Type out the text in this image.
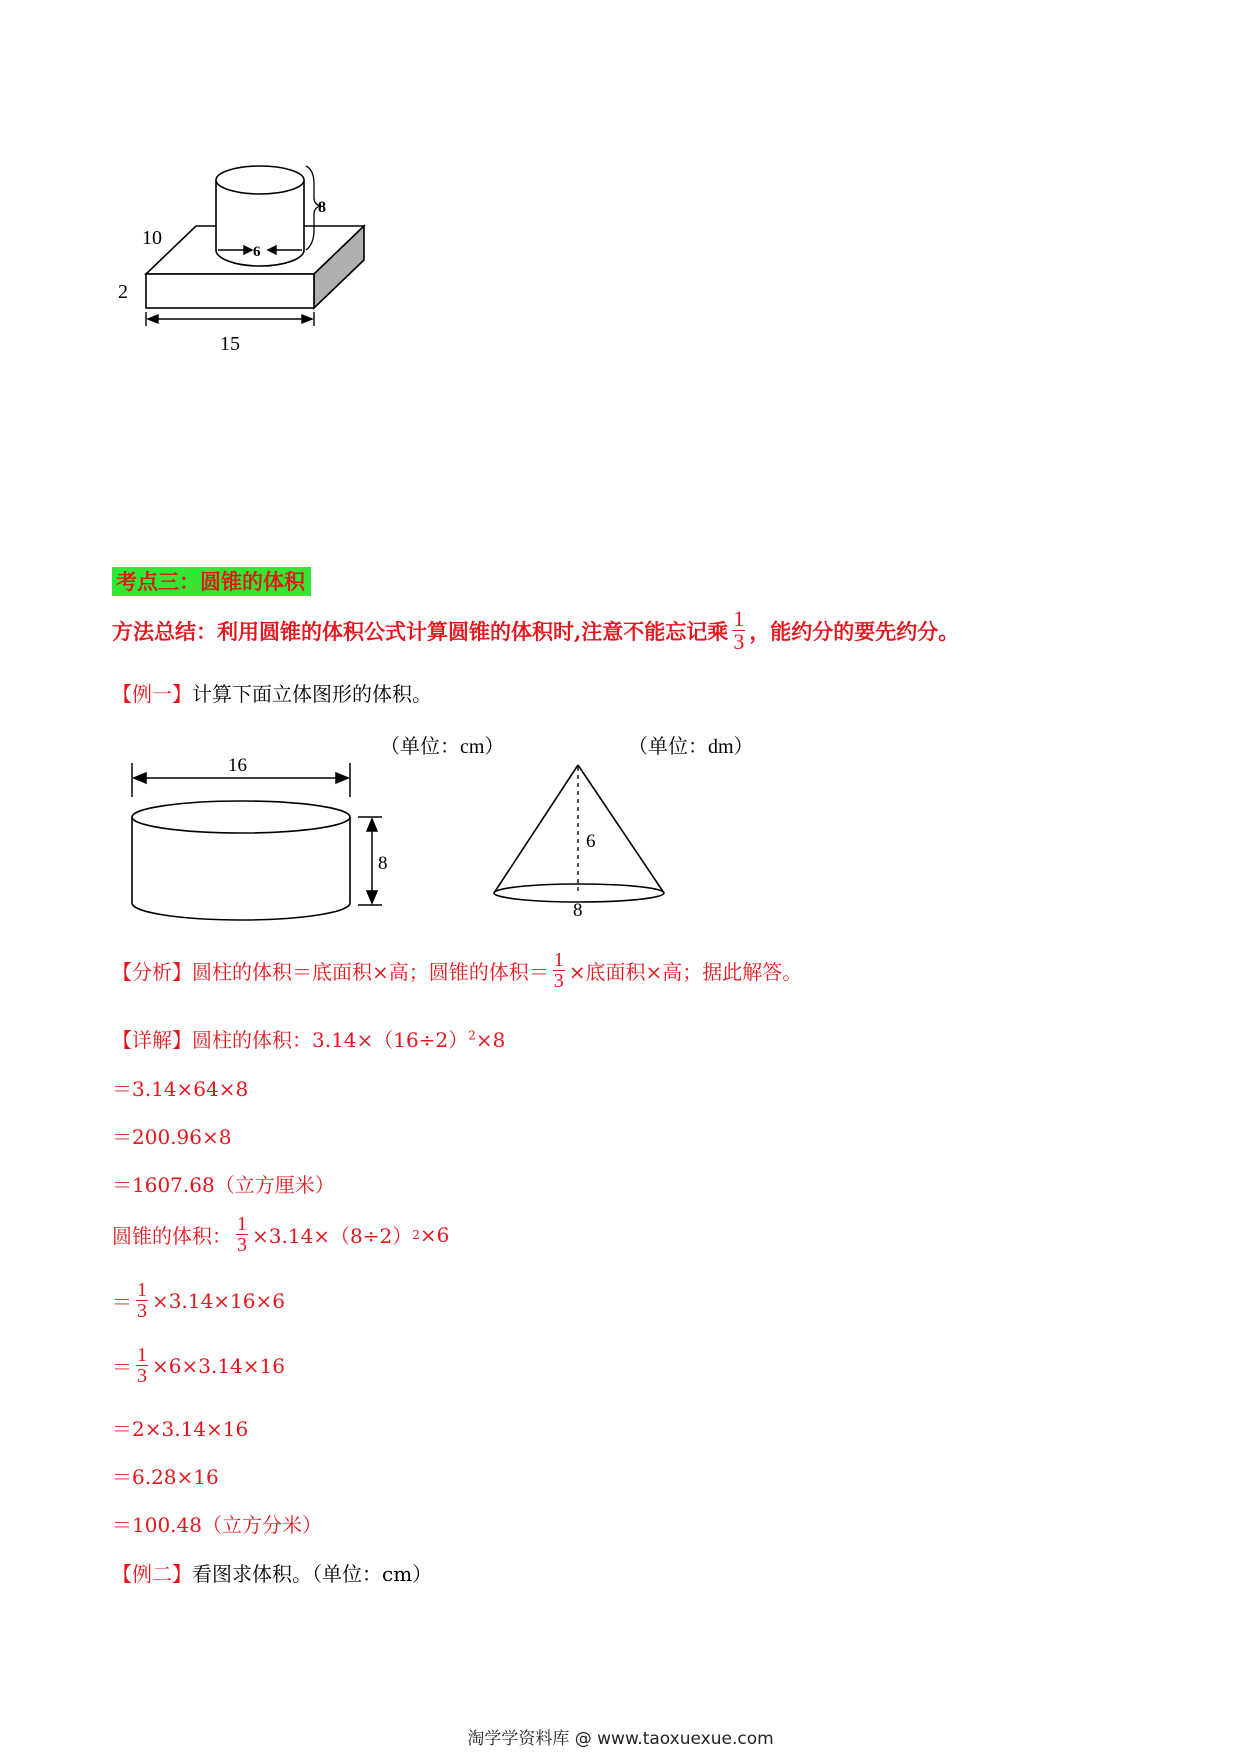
6
8
10
2
15
考点三：圆锥的体积
方法总结：利用圆锥的体积公式计算圆锥的体积时,注意不能忘记乘 $\frac{1}{3}$ ，能约分的要先约分。
【例一】计算下面立体图形的体积。
（单位：cm）	（单位：dm）
16
8
6
8
【分析】 圆柱的体积＝底面积×高；圆锥的体积＝ $\frac{1}{3}$ ×底面积×高；据此解答。
【详解】圆柱的体积：$3.14\times(16\div 2)^2\times 8$
＝3.14×64×8
＝200.96×8
＝1607.68（立方厘米）
圆锥的体积： $\frac{1}{3} \times 3.14\times(8\div 2)$ 2 ×6
＝ $\frac{1}{3} \times 3.14\times 16\times 6$
＝ $\frac{1}{3} \times 6\times 3.14\times 16$
＝2×3.14×16
＝6.28×16
＝100.48（立方分米）
【例二】看图求体积。（单位：cm）
淘学学资料库 @ www.taoxuexue.com
